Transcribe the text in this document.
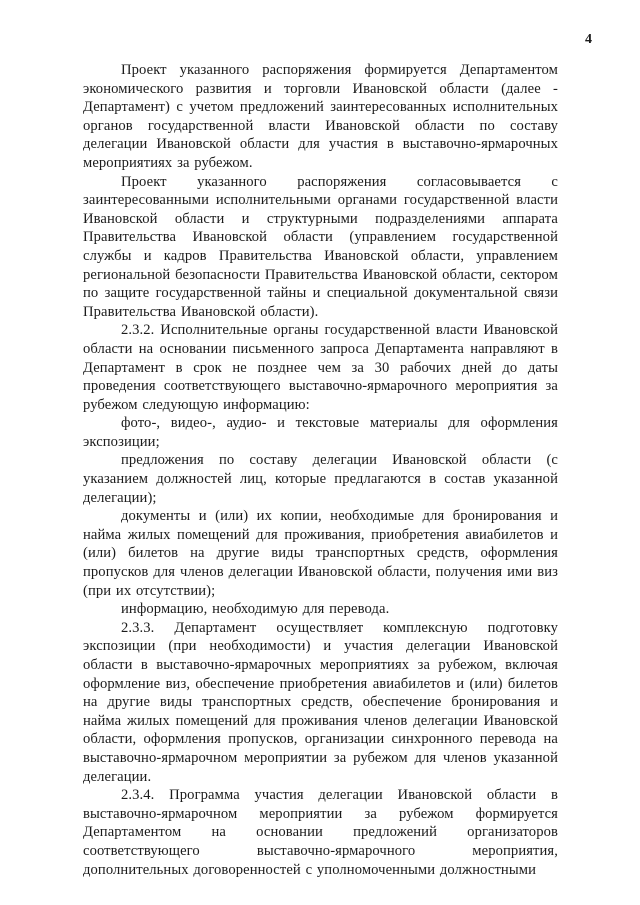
4

Проект указанного распоряжения формируется Департаментом экономического развития и торговли Ивановской области (далее - Департамент) с учетом предложений заинтересованных исполнительных органов государственной власти Ивановской области по составу делегации Ивановской области для участия в выставочно-ярмарочных мероприятиях за рубежом.

Проект указанного распоряжения согласовывается с заинтересованными исполнительными органами государственной власти Ивановской области и структурными подразделениями аппарата Правительства Ивановской области (управлением государственной службы и кадров Правительства Ивановской области, управлением региональной безопасности Правительства Ивановской области, сектором по защите государственной тайны и специальной документальной связи Правительства Ивановской области).

2.3.2. Исполнительные органы государственной власти Ивановской области на основании письменного запроса Департамента направляют в Департамент в срок не позднее чем за 30 рабочих дней до даты проведения соответствующего выставочно-ярмарочного мероприятия за рубежом следующую информацию:

фото-, видео-, аудио- и текстовые материалы для оформления экспозиции;

предложения по составу делегации Ивановской области (с указанием должностей лиц, которые предлагаются в состав указанной делегации);

документы и (или) их копии, необходимые для бронирования и найма жилых помещений для проживания, приобретения авиабилетов и (или) билетов на другие виды транспортных средств, оформления пропусков для членов делегации Ивановской области, получения ими виз (при их отсутствии);

информацию, необходимую для перевода.

2.3.3. Департамент осуществляет комплексную подготовку экспозиции (при необходимости) и участия делегации Ивановской области в выставочно-ярмарочных мероприятиях за рубежом, включая оформление виз, обеспечение приобретения авиабилетов и (или) билетов на другие виды транспортных средств, обеспечение бронирования и найма жилых помещений для проживания членов делегации Ивановской области, оформления пропусков, организации синхронного перевода на выставочно-ярмарочном мероприятии за рубежом для членов указанной делегации.

2.3.4. Программа участия делегации Ивановской области в выставочно-ярмарочном мероприятии за рубежом формируется Департаментом на основании предложений организаторов соответствующего выставочно-ярмарочного мероприятия, дополнительных договоренностей с уполномоченными должностными
